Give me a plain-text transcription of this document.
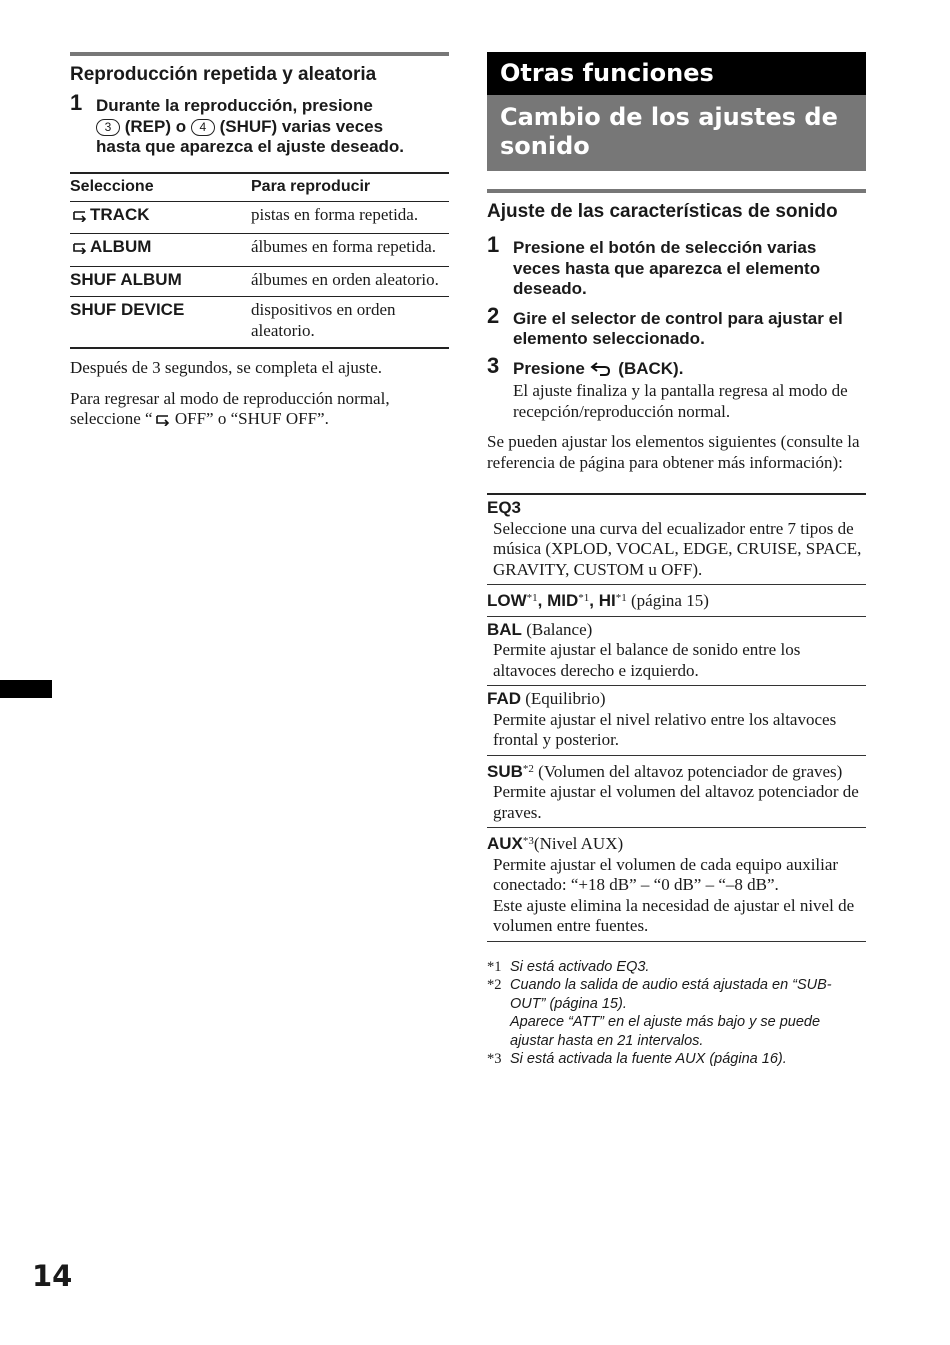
Reproducción repetida y aleatoria
1 Durante la reproducción, presione
3 (REP) o 4 (SHUF) varias veces
hasta que aparezca el ajuste deseado.
Seleccione	Para reproducir
TRACK	pistas en forma repetida.
ALBUM	álbumes en forma repetida.
SHUF ALBUM	álbumes en orden aleatorio.
SHUF DEVICE	dispositivos en orden aleatorio.
Después de 3 segundos, se completa el ajuste.
Para regresar al modo de reproducción normal, seleccione “ OFF” o “SHUF OFF”.
Otras funciones
Cambio de los ajustes de sonido
Ajuste de las características de sonido
1 Presione el botón de selección varias veces hasta que aparezca el elemento deseado.
2 Gire el selector de control para ajustar el elemento seleccionado.
3 Presione (BACK).
El ajuste finaliza y la pantalla regresa al modo de recepción/reproducción normal.
Se pueden ajustar los elementos siguientes (consulte la referencia de página para obtener más información):
EQ3
Seleccione una curva del ecualizador entre 7 tipos de música (XPLOD, VOCAL, EDGE, CRUISE, SPACE, GRAVITY, CUSTOM u OFF).
LOW$^{*1}$, MID$^{*1}$, HI$^{*1}$ (página 15)
BAL (Balance)
Permite ajustar el balance de sonido entre los altavoces derecho e izquierdo.
FAD (Equilibrio)
Permite ajustar el nivel relativo entre los altavoces frontal y posterior.
SUB$^{*2}$ (Volumen del altavoz potenciador de graves)
Permite ajustar el volumen del altavoz potenciador de graves.
AUX$^{*3}$(Nivel AUX)
Permite ajustar el volumen de cada equipo auxiliar conectado: “+18 dB” – “0 dB” – “–8 dB”.
Este ajuste elimina la necesidad de ajustar el nivel de volumen entre fuentes.
*1 Si está activado EQ3.
*2 Cuando la salida de audio está ajustada en “SUB-OUT” (página 15).
Aparece “ATT” en el ajuste más bajo y se puede ajustar hasta en 21 intervalos.
*3 Si está activada la fuente AUX (página 16).
14
